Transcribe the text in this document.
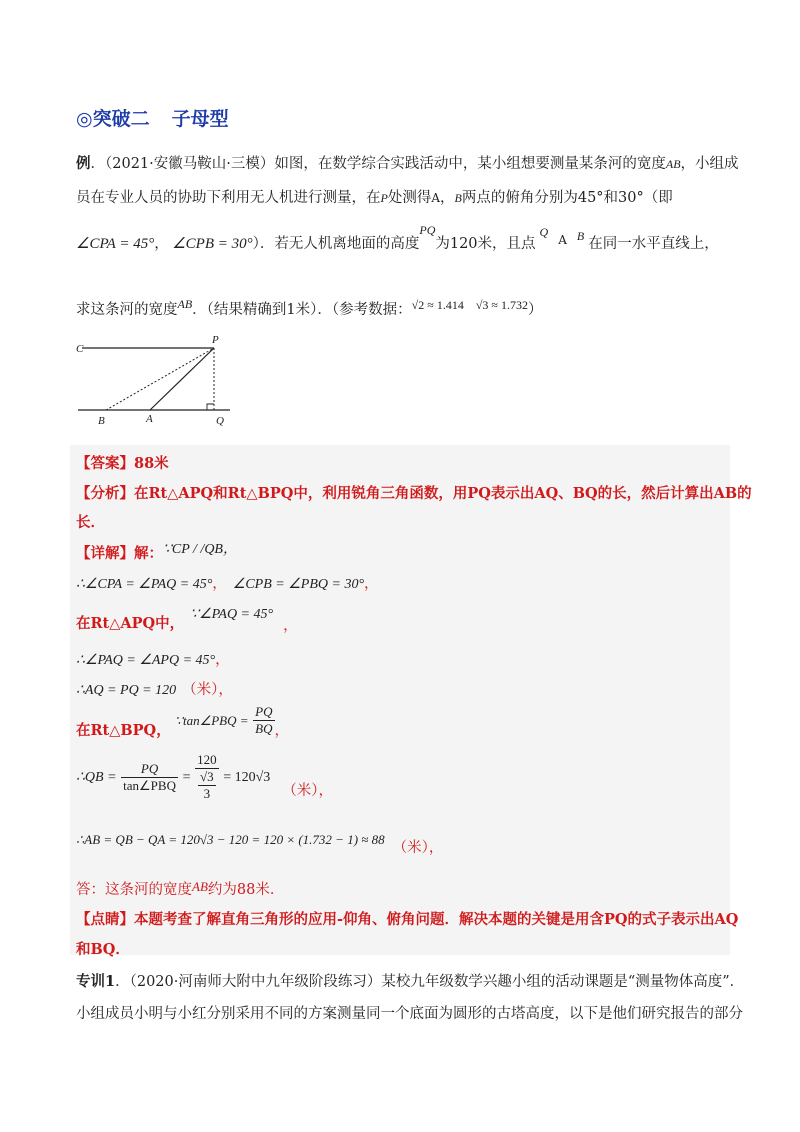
◎突破二 子母型
例．（2021·安徽马鞍山·三模）如图，在数学综合实践活动中，某小组想要测量某条河的宽度AB，小组成
员在专业人员的协助下利用无人机进行测量，在P处测得A，B两点的俯角分别为45°和30°（即
∠CPA = 45°， ∠CPB = 30°）．若无人机离地面的高度$^{PQ}$为120米，且点$^{QA}$ $^B$ 在同一水平直线上，
求这条河的宽度$^{AB}$．（结果精确到1米）．（参考数据：$^{√2 \approx 1.414}$ $^{√3 \approx 1.732}$）
C
P
B	A	Q
【答案】88米
【分析】在Rt△APQ和Rt△BPQ中，利用锐角三角函数，用PQ表示出AQ、BQ的长，然后计算出AB的
长．
【详解】解：∵CP / /QB，
∴∠CPA = ∠PAQ = 45°， ∠CPB = ∠PBQ = 30°，
在Rt△APQ中，∵∠PAQ = 45°，
∴∠PAQ = ∠APQ = 45°，
∴AQ = PQ = 120 （米），
在Rt△BPQ，∵tan∠PBQ = $\frac{PQ}{BQ}$ ，
∴QB = $\frac{PQ}{\text{tan∠PBQ}} = \frac{120}{\frac{√3}{3}} = 120√3$（米），
∴AB = QB − QA = 120√3 − 120 = 120 × (1.732 − 1) ≈ 88（米），
答：这条河的宽度AB约为88米．
【点睛】本题考查了解直角三角形的应用-仰角、俯角问题．解决本题的关键是用含PQ的式子表示出AQ
和BQ．
专训1．（2020·河南师大附中九年级阶段练习）某校九年级数学兴趣小组的活动课题是“测量物体高度”．
小组成员小明与小红分别采用不同的方案测量同一个底面为圆形的古塔高度，以下是他们研究报告的部分
